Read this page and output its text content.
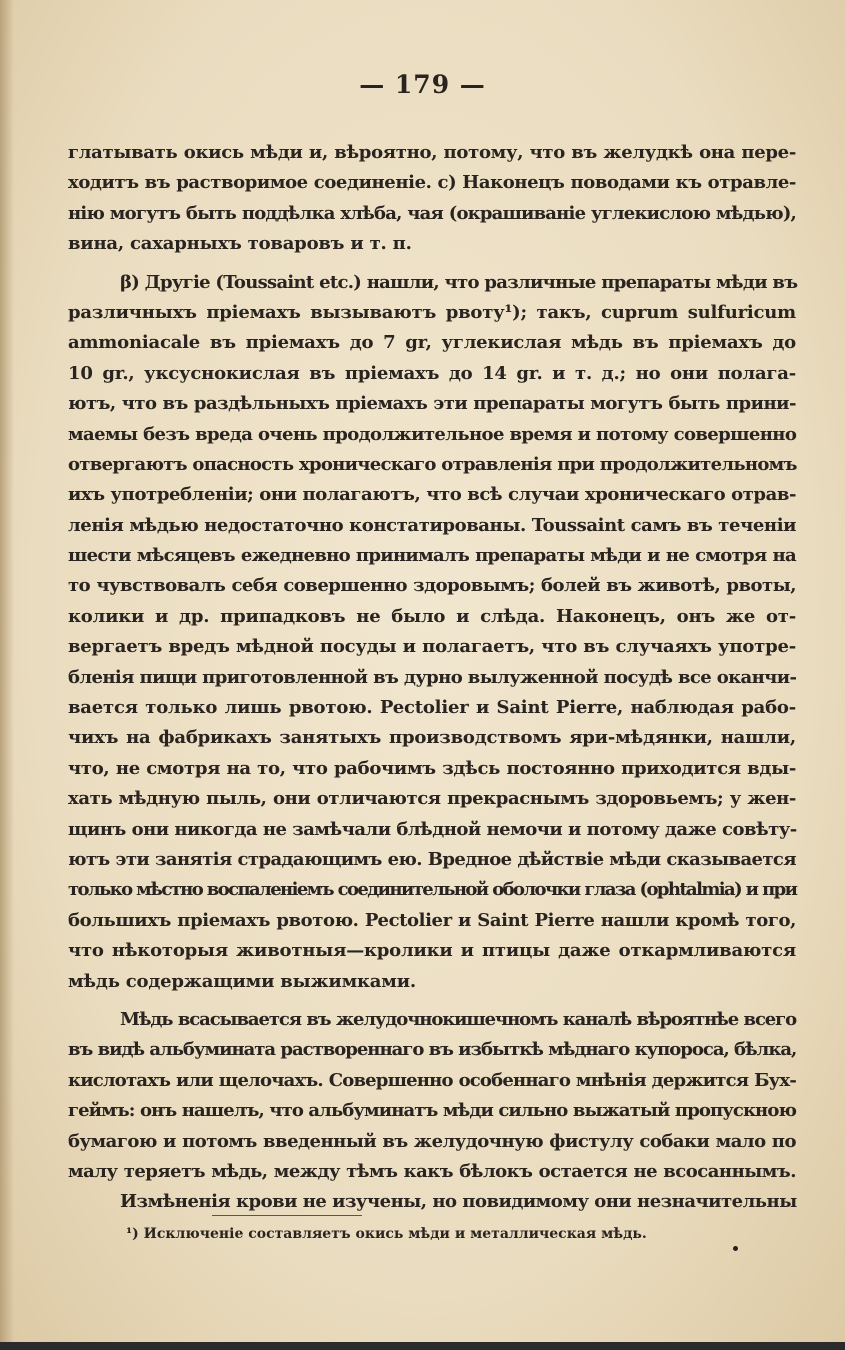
— 179 —

глатывать окись мѣди и, вѣроятно, потому, что въ желудкѣ она пере-

ходитъ въ растворимое соединеніе. с) Наконецъ поводами къ отравле-

нію могутъ быть поддѣлка хлѣба, чая (окрашиваніе углекислою мѣдью),

вина, сахарныхъ товаровъ и т. п.

β) Другіе (Toussaint etc.) нашли, что различные препараты мѣди въ

различныхъ пріемахъ вызываютъ рвоту¹); такъ, cuprum sulfuricum

ammoniacale въ пріемахъ до 7 gr, углекислая мѣдь въ пріемахъ до

10 gr., уксуснокислая въ пріемахъ до 14 gr. и т. д.; но они полага-

ютъ, что въ раздѣльныхъ пріемахъ эти препараты могутъ быть прини-

маемы безъ вреда очень продолжительное время и потому совершенно

отвергаютъ опасность хроническаго отравленія при продолжительномъ

ихъ употребленіи; они полагаютъ, что всѣ случаи хроническаго отрав-

ленія мѣдью недостаточно констатированы. Toussaint самъ въ теченіи

шести мѣсяцевъ ежедневно принималъ препараты мѣди и не смотря на

то чувствовалъ себя совершенно здоровымъ; болей въ животѣ, рвоты,

колики и др. припадковъ не было и слѣда. Наконецъ, онъ же от-

вергаетъ вредъ мѣдной посуды и полагаетъ, что въ случаяхъ употре-

бленія пищи приготовленной въ дурно вылуженной посудѣ все оканчи-

вается только лишь рвотою. Pectolier и Saint Pierre, наблюдая рабо-

чихъ на фабрикахъ занятыхъ производствомъ яри-мѣдянки, нашли,

что, не смотря на то, что рабочимъ здѣсь постоянно приходится вды-

хать мѣдную пыль, они отличаются прекраснымъ здоровьемъ; у жен-

щинъ они никогда не замѣчали блѣдной немочи и потому даже совѣту-

ютъ эти занятія страдающимъ ею. Вредное дѣйствіе мѣди сказывается

только мѣстно воспаленіемъ соединительной оболочки глаза (ophtalmia) и при

большихъ пріемахъ рвотою. Pectolier и Saint Pierre нашли кромѣ того,

что нѣкоторыя животныя—кролики и птицы даже откармливаются

мѣдь содержащими выжимками.

Мѣдь всасывается въ желудочнокишечномъ каналѣ вѣроятнѣе всего

въ видѣ альбумината раствореннаго въ избыткѣ мѣднаго купороса, бѣлка,

кислотахъ или щелочахъ. Совершенно особеннаго мнѣнія держится Бух-

геймъ: онъ нашелъ, что альбуминатъ мѣди сильно выжатый пропускною

бумагою и потомъ введенный въ желудочную фистулу собаки мало по

малу теряетъ мѣдь, между тѣмъ какъ бѣлокъ остается не всосаннымъ.

Измѣненія крови не изучены, но повидимому они незначительны

¹) Исключеніе составляетъ окись мѣди и металлическая мѣдь.
